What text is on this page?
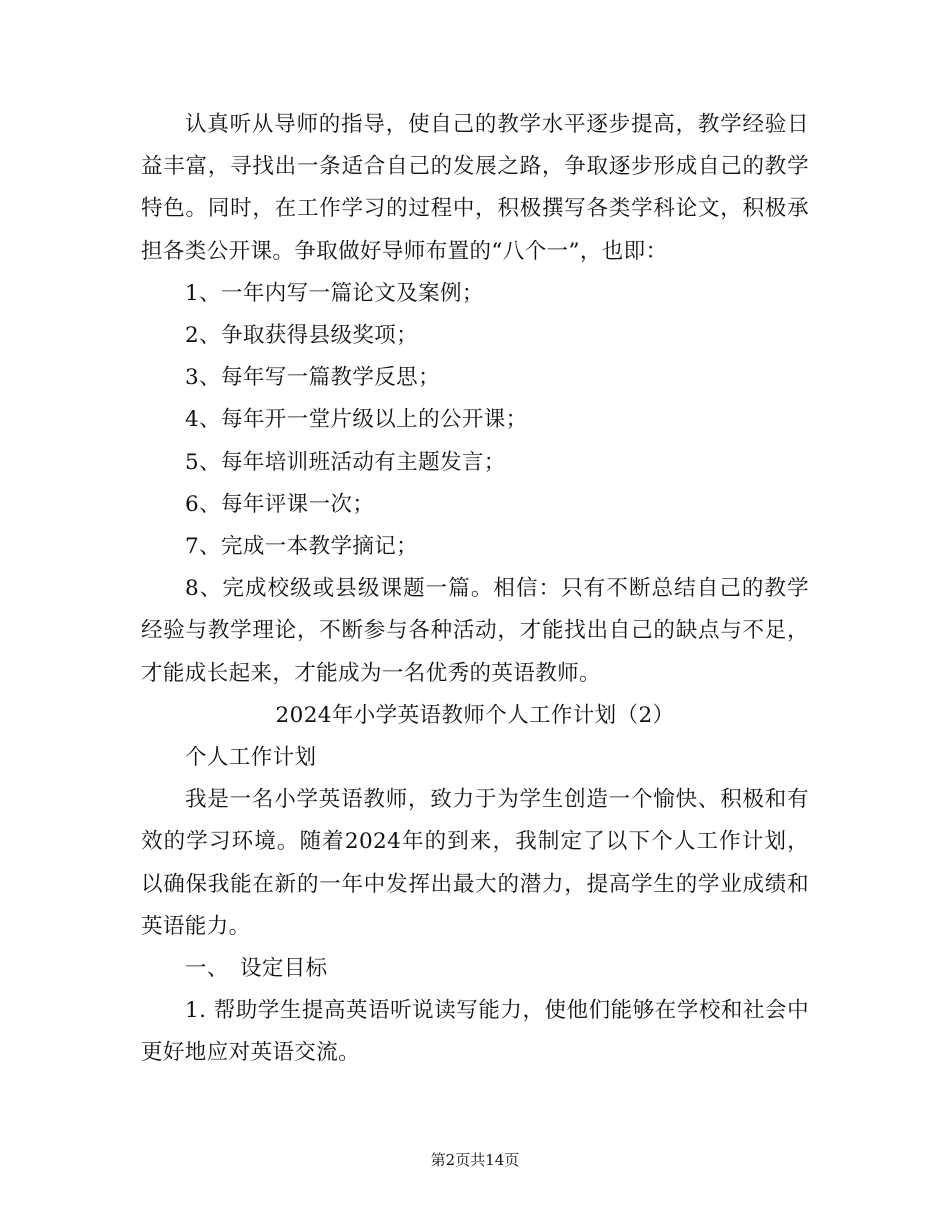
认真听从导师的指导，使自己的教学水平逐步提高，教学经验日益丰富，寻找出一条适合自己的发展之路，争取逐步形成自己的教学特色。同时，在工作学习的过程中，积极撰写各类学科论文，积极承担各类公开课。争取做好导师布置的“八个一”，也即：

1、一年内写一篇论文及案例；

2、争取获得县级奖项；

3、每年写一篇教学反思；

4、每年开一堂片级以上的公开课；

5、每年培训班活动有主题发言；

6、每年评课一次；

7、完成一本教学摘记；

8、完成校级或县级课题一篇。相信：只有不断总结自己的教学经验与教学理论，不断参与各种活动，才能找出自己的缺点与不足，才能成长起来，才能成为一名优秀的英语教师。

2024年小学英语教师个人工作计划（2）

个人工作计划

我是一名小学英语教师，致力于为学生创造一个愉快、积极和有效的学习环境。随着2024年的到来，我制定了以下个人工作计划，以确保我能在新的一年中发挥出最大的潜力，提高学生的学业成绩和英语能力。

一、　设定目标

1. 帮助学生提高英语听说读写能力，使他们能够在学校和社会中更好地应对英语交流。

第2页共14页
